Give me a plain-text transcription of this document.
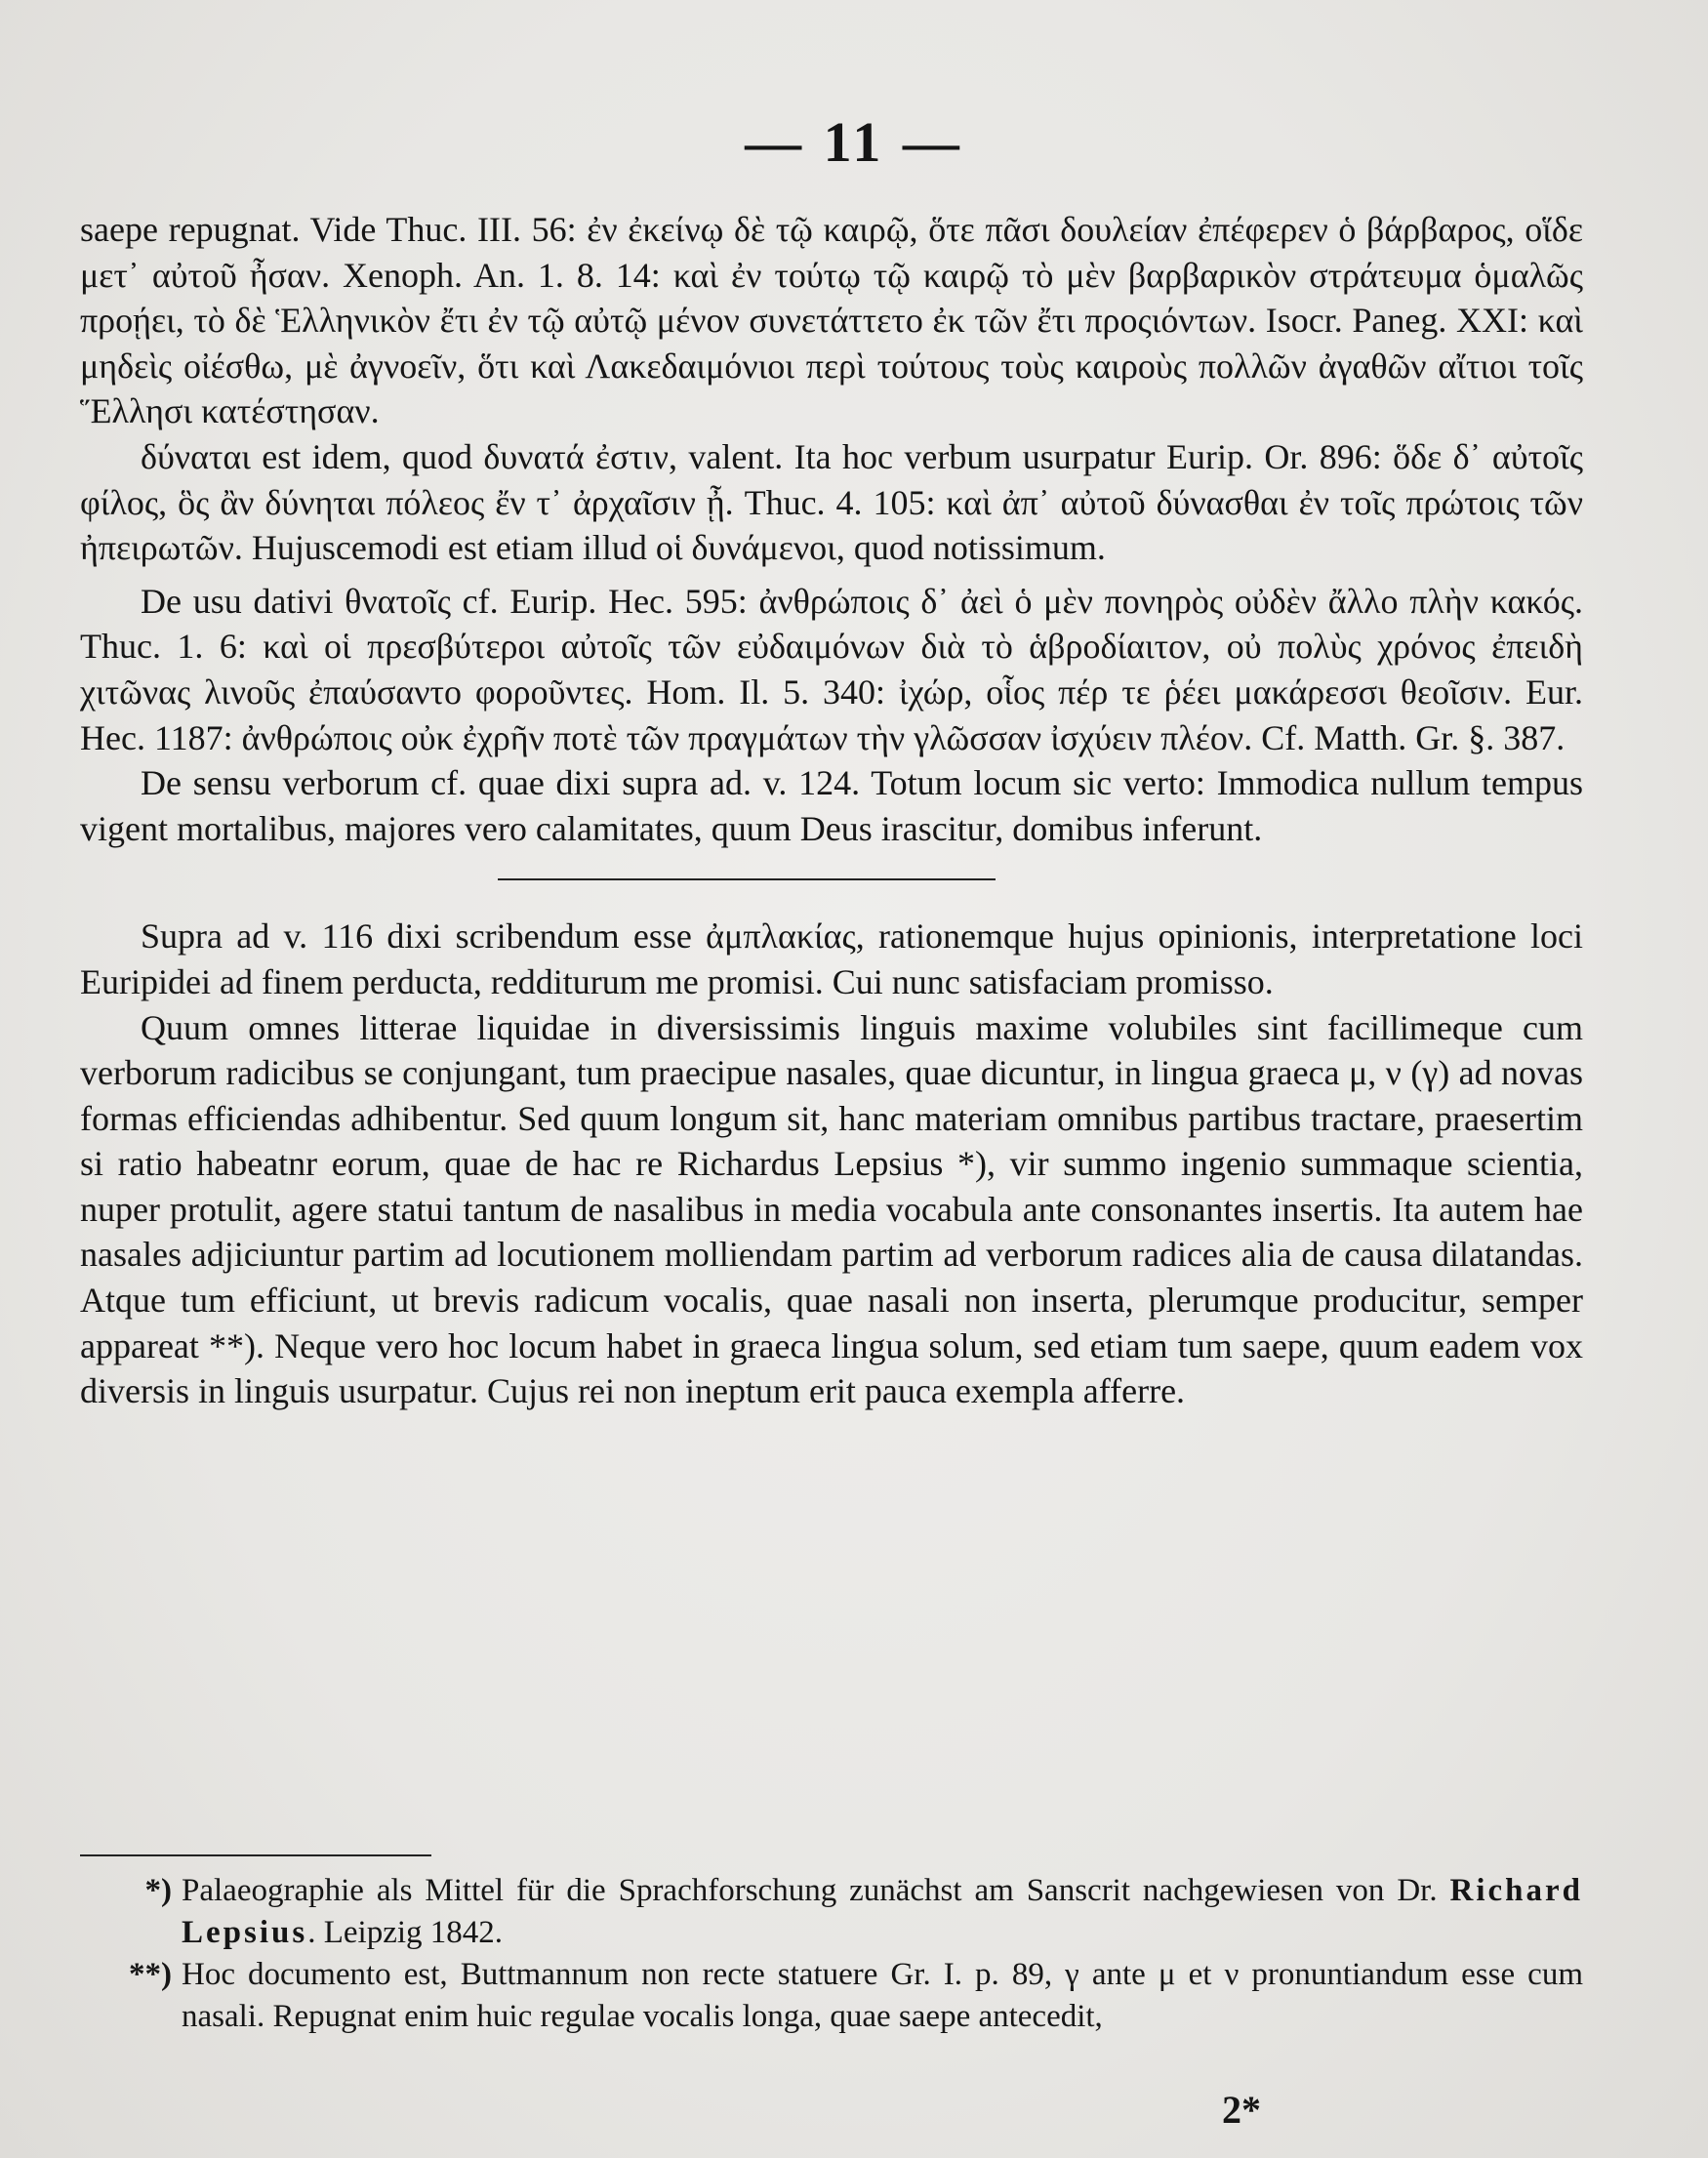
— 11 —

saepe repugnat. Vide Thuc. III. 56: ἐν ἐκείνῳ δὲ τῷ καιρῷ, ὅτε πᾶσι δουλείαν ἐπέφερεν ὁ βάρβαρος, οἵδε μετ᾽ αὐτοῦ ἦσαν. Xenoph. An. 1. 8. 14: καὶ ἐν τούτῳ τῷ καιρῷ τὸ μὲν βαρβαρικὸν στράτευμα ὁμαλῶς προῄει, τὸ δὲ Ἑλληνικὸν ἔτι ἐν τῷ αὐτῷ μένον συνετάττετο ἐκ τῶν ἔτι προςιόντων. Isocr. Paneg. XXI: καὶ μηδεὶς οἰέσθω, μὲ ἀγνοεῖν, ὅτι καὶ Λακεδαιμόνιοι περὶ τούτους τοὺς καιροὺς πολλῶν ἀγαθῶν αἴτιοι τοῖς Ἕλλησι κατέστησαν.

δύναται est idem, quod δυνατά ἐστιν, valent. Ita hoc verbum usurpatur Eurip. Or. 896: ὅδε δ᾽ αὐτοῖς φίλος, ὃς ἂν δύνηται πόλεος ἔν τ᾽ ἀρχαῖσιν ᾖ. Thuc. 4. 105: καὶ ἀπ᾽ αὐτοῦ δύνασθαι ἐν τοῖς πρώτοις τῶν ἠπειρωτῶν. Hujuscemodi est etiam illud οἱ δυνάμενοι, quod notissimum.

De usu dativi θνατοῖς cf. Eurip. Hec. 595: ἀνθρώποις δ᾽ ἀεὶ ὁ μὲν πονηρὸς οὐδὲν ἄλλο πλὴν κακός. Thuc. 1. 6: καὶ οἱ πρεσβύτεροι αὐτοῖς τῶν εὐδαιμόνων διὰ τὸ ἁβροδίαιτον, οὐ πολὺς χρόνος ἐπειδὴ χιτῶνας λινοῦς ἐπαύσαντο φοροῦντες. Hom. Il. 5. 340: ἰχώρ, οἷος πέρ τε ῥέει μακάρεσσι θεοῖσιν. Eur. Hec. 1187: ἀνθρώποις οὐκ ἐχρῆν ποτὲ τῶν πραγμάτων τὴν γλῶσσαν ἰσχύειν πλέον. Cf. Matth. Gr. §. 387.

De sensu verborum cf. quae dixi supra ad. v. 124. Totum locum sic verto: Immodica nullum tempus vigent mortalibus, majores vero calamitates, quum Deus irascitur, domibus inferunt.

Supra ad v. 116 dixi scribendum esse ἀμπλακίας, rationemque hujus opinionis, interpretatione loci Euripidei ad finem perducta, redditurum me promisi. Cui nunc satisfaciam promisso.

Quum omnes litterae liquidae in diversissimis linguis maxime volubiles sint facillimeque cum verborum radicibus se conjungant, tum praecipue nasales, quae dicuntur, in lingua graeca μ, ν (γ) ad novas formas efficiendas adhibentur. Sed quum longum sit, hanc materiam omnibus partibus tractare, praesertim si ratio habeatnr eorum, quae de hac re Richardus Lepsius *), vir summo ingenio summaque scientia, nuper protulit, agere statui tantum de nasalibus in media vocabula ante consonantes insertis. Ita autem hae nasales adjiciuntur partim ad locutionem molliendam partim ad verborum radices alia de causa dilatandas. Atque tum efficiunt, ut brevis radicum vocalis, quae nasali non inserta, plerumque producitur, semper appareat **). Neque vero hoc locum habet in graeca lingua solum, sed etiam tum saepe, quum eadem vox diversis in linguis usurpatur. Cujus rei non ineptum erit pauca exempla afferre.

*) Palaeographie als Mittel für die Sprachforschung zunächst am Sanscrit nachgewiesen von Dr. Richard Lepsius. Leipzig 1842.
**) Hoc documento est, Buttmannum non recte statuere Gr. I. p. 89, γ ante μ et ν pronuntiandum esse cum nasali. Repugnat enim huic regulae vocalis longa, quae saepe antecedit,
2*
